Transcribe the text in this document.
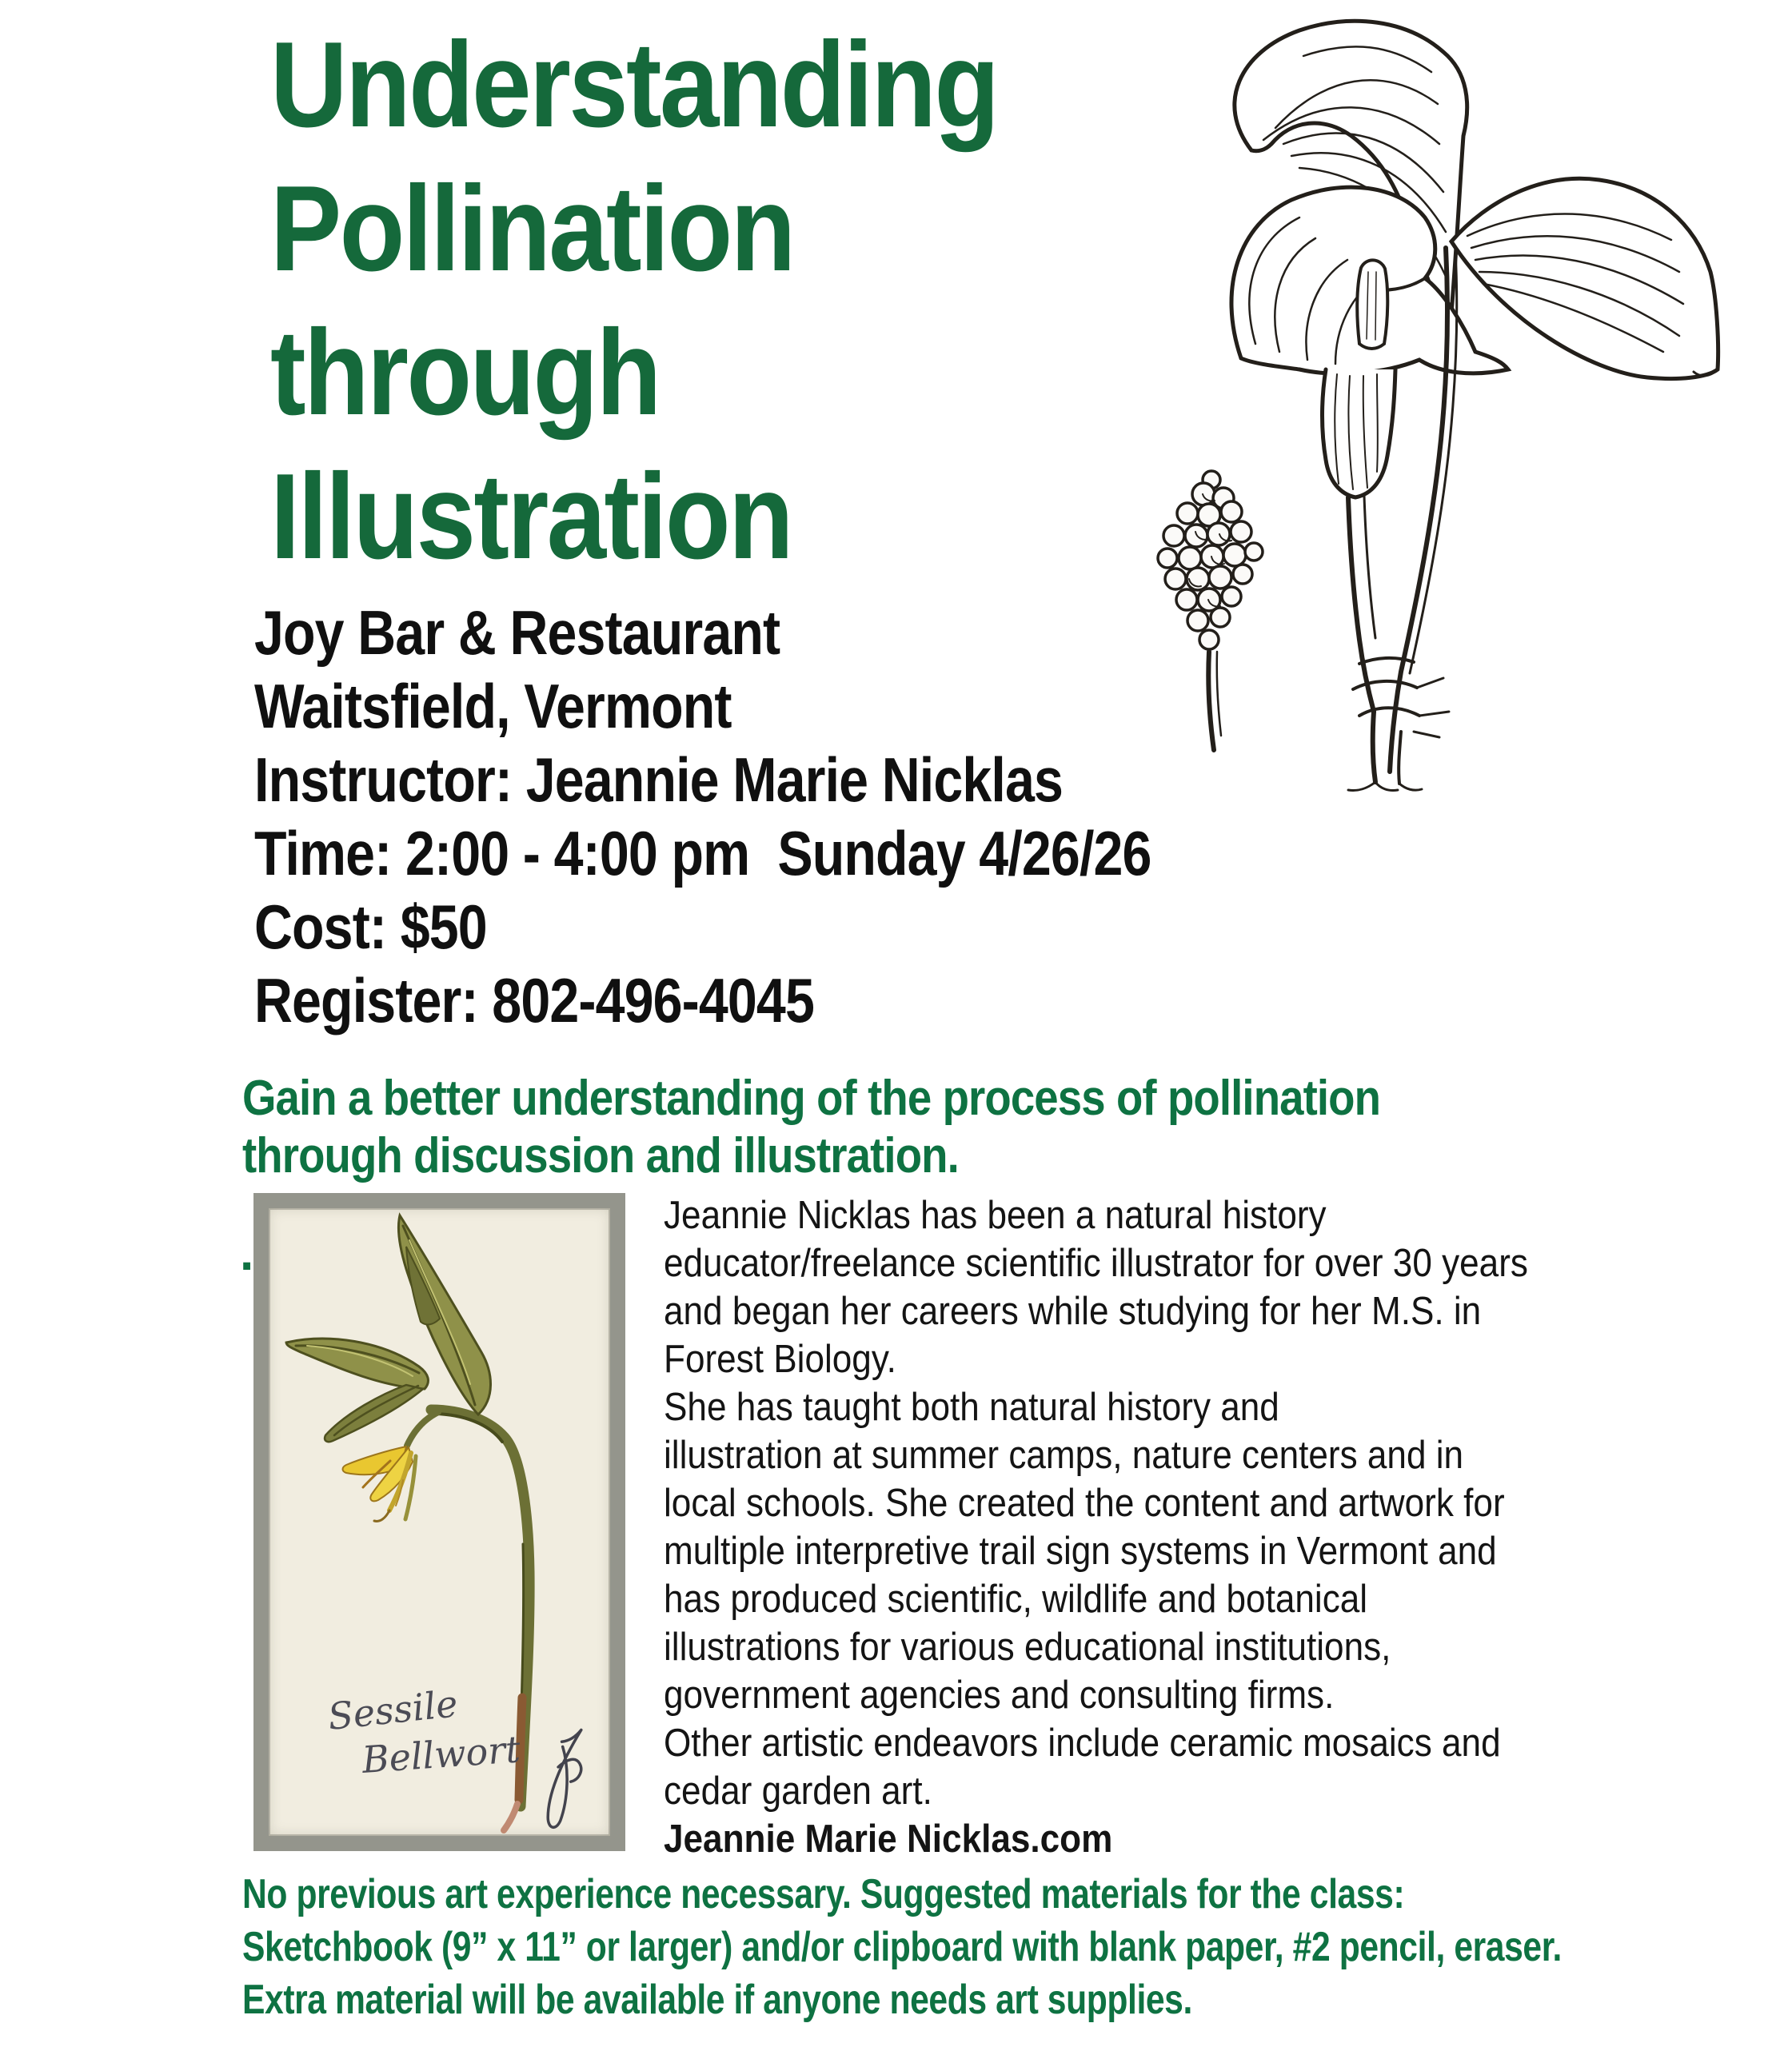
Understanding
Pollination
through
Illustration
Joy Bar & Restaurant
Waitsfield, Vermont
Instructor: Jeannie Marie Nicklas
Time: 2:00 - 4:00 pm  Sunday 4/26/26
Cost: $50
Register: 802-496-4045
Gain a better understanding of the process of pollination
through discussion and illustration.
.
Sessile
Bellwort
Jeannie Nicklas has been a natural history
educator/freelance scientific illustrator for over 30 years
and began her careers while studying for her M.S. in
Forest Biology.
She has taught both natural history and
illustration at summer camps, nature centers and in
local schools. She created the content and artwork for
multiple interpretive trail sign systems in Vermont and
has produced scientific, wildlife and botanical
illustrations for various educational institutions,
government agencies and consulting firms.
Other artistic endeavors include ceramic mosaics and
cedar garden art.
Jeannie Marie Nicklas.com
No previous art experience necessary. Suggested materials for the class:
Sketchbook (9” x 11” or larger) and/or clipboard with blank paper, #2 pencil, eraser.
Extra material will be available if anyone needs art supplies.
